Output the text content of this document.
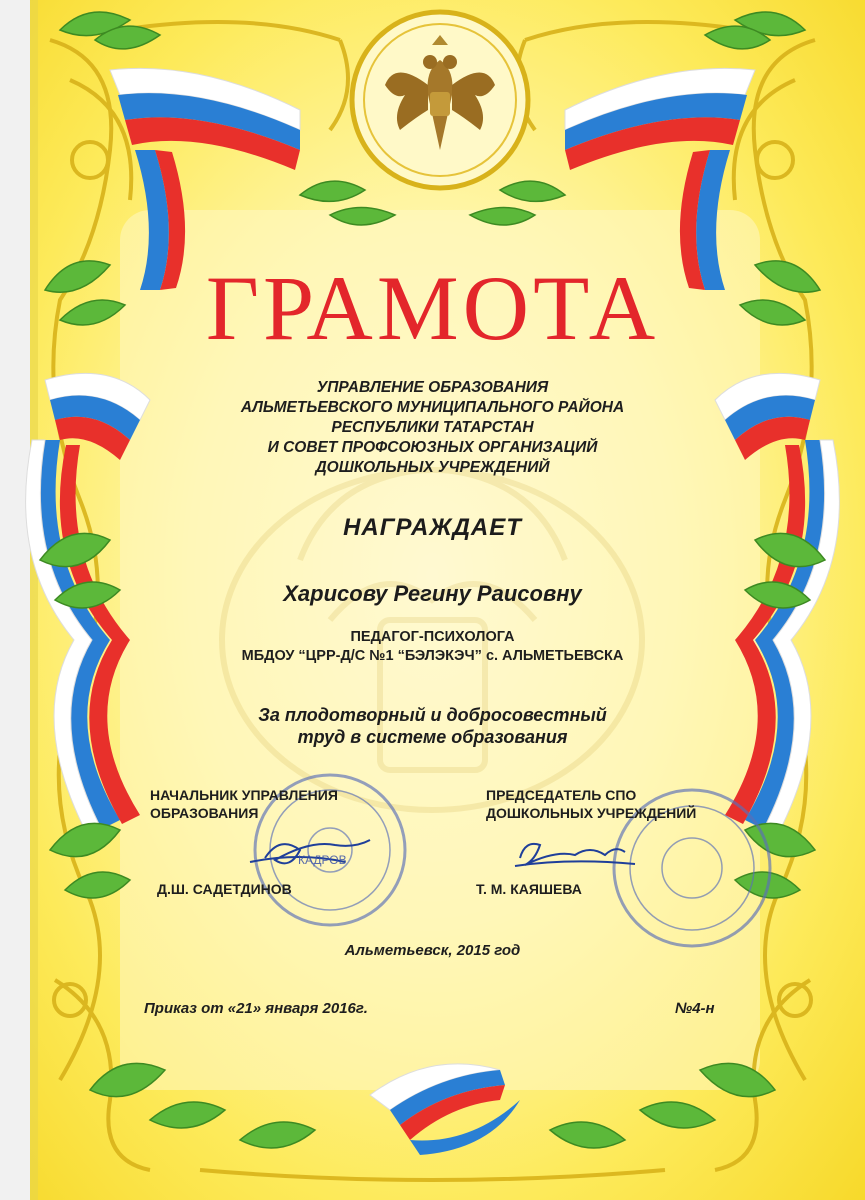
ГРАМОТА
УПРАВЛЕНИЕ ОБРАЗОВАНИЯ
АЛЬМЕТЬЕВСКОГО МУНИЦИПАЛЬНОГО РАЙОНА
РЕСПУБЛИКИ ТАТАРСТАН
И СОВЕТ ПРОФСОЮЗНЫХ ОРГАНИЗАЦИЙ
ДОШКОЛЬНЫХ УЧРЕЖДЕНИЙ
НАГРАЖДАЕТ
Харисову Регину Раисовну
ПЕДАГОГ-ПСИХОЛОГА
МБДОУ “ЦРР-Д/С №1 “БЭЛЭКЭЧ” с. АЛЬМЕТЬЕВСКА
За плодотворный и добросовестный
труд в системе образования
НАЧАЛЬНИК УПРАВЛЕНИЯ
ОБРАЗОВАНИЯ
ПРЕДСЕДАТЕЛЬ СПО
ДОШКОЛЬНЫХ УЧРЕЖДЕНИЙ
КАДРОВ
Д.Ш. САДЕТДИНОВ	Т. М. КАЯШЕВА
Альметьевск, 2015 год
Приказ от «21» января 2016г.	№4-н
